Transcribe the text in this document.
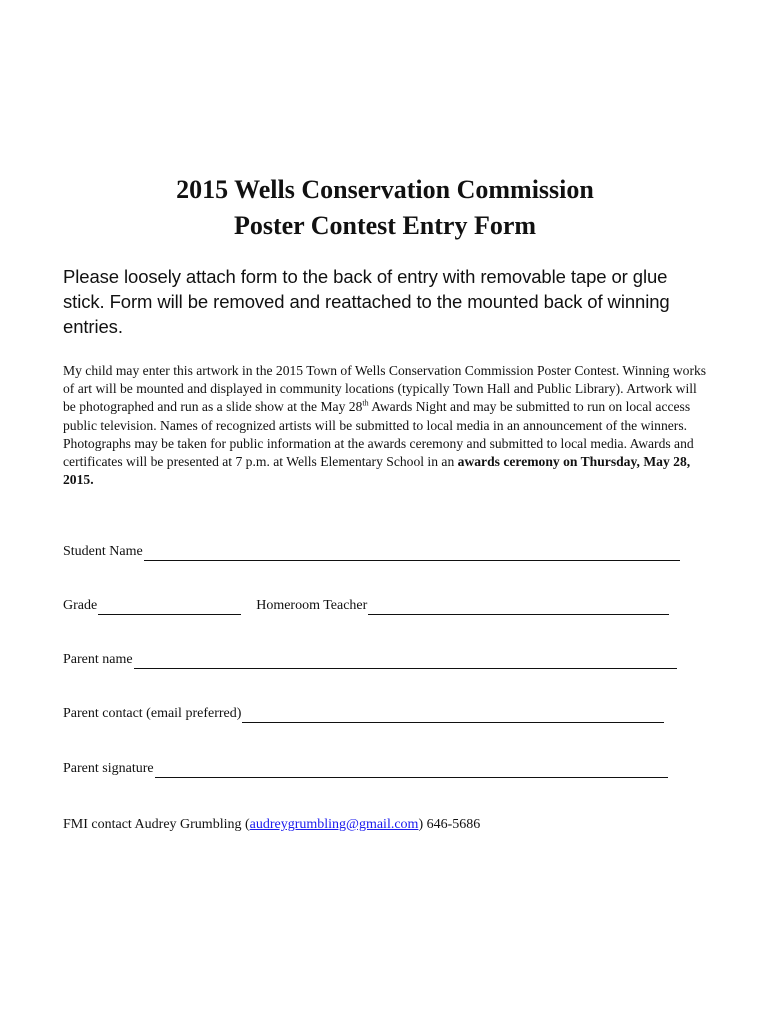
2015 Wells Conservation Commission
Poster Contest Entry Form
Please loosely attach form to the back of entry with removable tape or glue stick. Form will be removed and reattached to the mounted back of winning entries.
My child may enter this artwork in the 2015 Town of Wells Conservation Commission Poster Contest. Winning works of art will be mounted and displayed in community locations (typically Town Hall and Public Library). Artwork will be photographed and run as a slide show at the May 28th Awards Night and may be submitted to run on local access public television. Names of recognized artists will be submitted to local media in an announcement of the winners. Photographs may be taken for public information at the awards ceremony and submitted to local media. Awards and certificates will be presented at 7 p.m. at Wells Elementary School in an awards ceremony on Thursday, May 28, 2015.
Student Name
Grade	Homeroom Teacher
Parent name
Parent contact (email preferred)
Parent signature
FMI contact Audrey Grumbling (audreygrumbling@gmail.com) 646-5686
